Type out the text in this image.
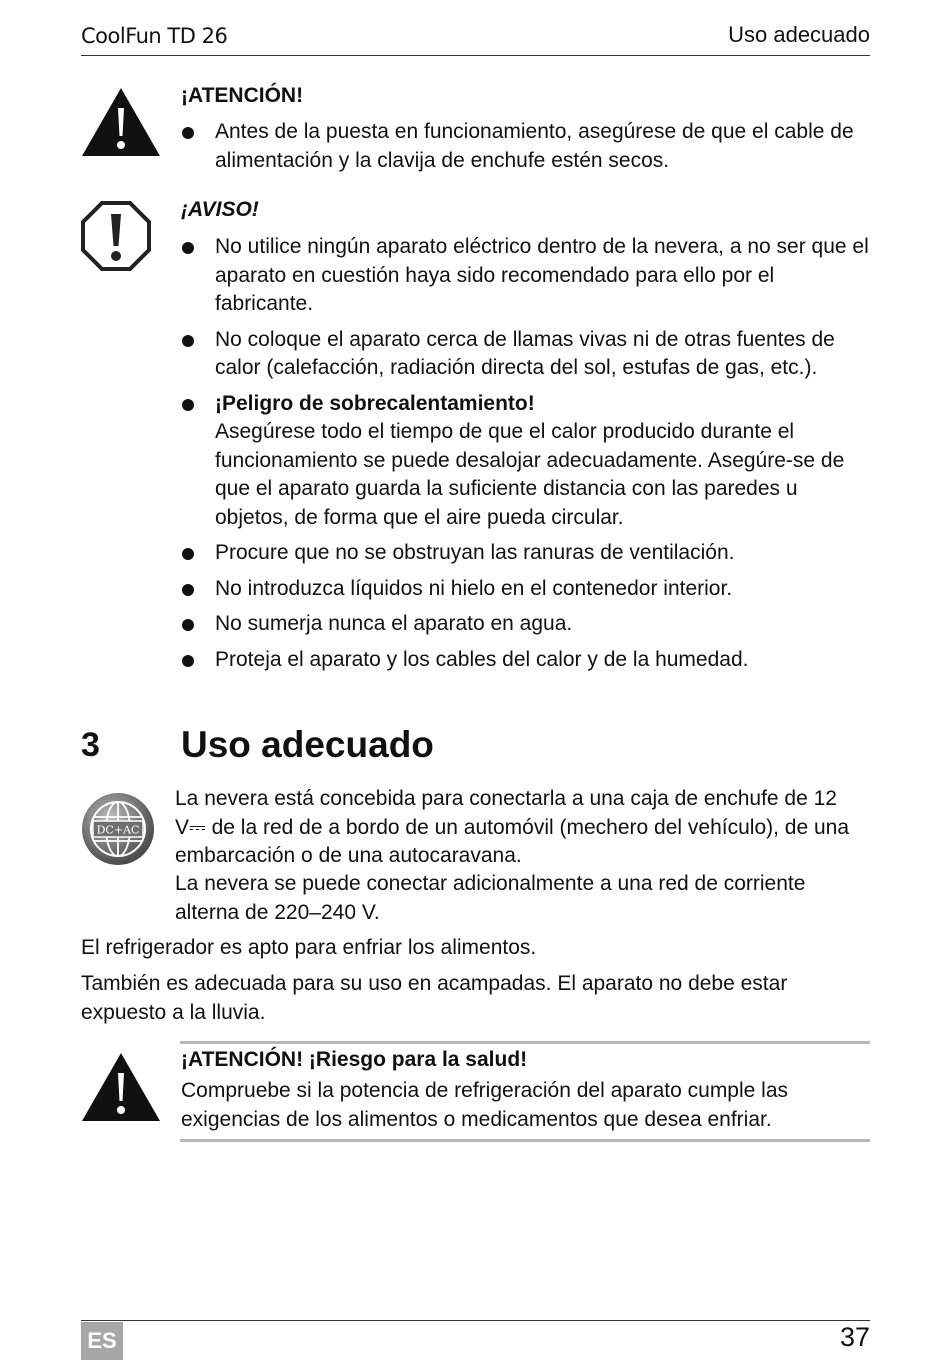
CoolFun TD 26	Uso adecuado
¡ATENCIÓN!
Antes de la puesta en funcionamiento, asegúrese de que el cable de alimentación y la clavija de enchufe estén secos.
¡AVISO!
No utilice ningún aparato eléctrico dentro de la nevera, a no ser que el aparato en cuestión haya sido recomendado para ello por el fabricante.
No coloque el aparato cerca de llamas vivas ni de otras fuentes de calor (calefacción, radiación directa del sol, estufas de gas, etc.).
¡Peligro de sobrecalentamiento!
Asegúrese todo el tiempo de que el calor producido durante el funcionamiento se puede desalojar adecuadamente. Asegúre-se de que el aparato guarda la suficiente distancia con las paredes u objetos, de forma que el aire pueda circular.
Procure que no se obstruyan las ranuras de ventilación.
No introduzca líquidos ni hielo en el contenedor interior.
No sumerja nunca el aparato en agua.
Proteja el aparato y los cables del calor y de la humedad.
3 Uso adecuado
DC+AC
La nevera está concebida para conectarla a una caja de enchufe de 12 V⎓ de la red de a bordo de un automóvil (mechero del vehículo), de una embarcación o de una autocaravana.
La nevera se puede conectar adicionalmente a una red de corriente alterna de 220–240 V.
El refrigerador es apto para enfriar los alimentos.
También es adecuada para su uso en acampadas. El aparato no debe estar expuesto a la lluvia.
¡ATENCIÓN! ¡Riesgo para la salud!
Compruebe si la potencia de refrigeración del aparato cumple las exigencias de los alimentos o medicamentos que desea enfriar.
ES	37
